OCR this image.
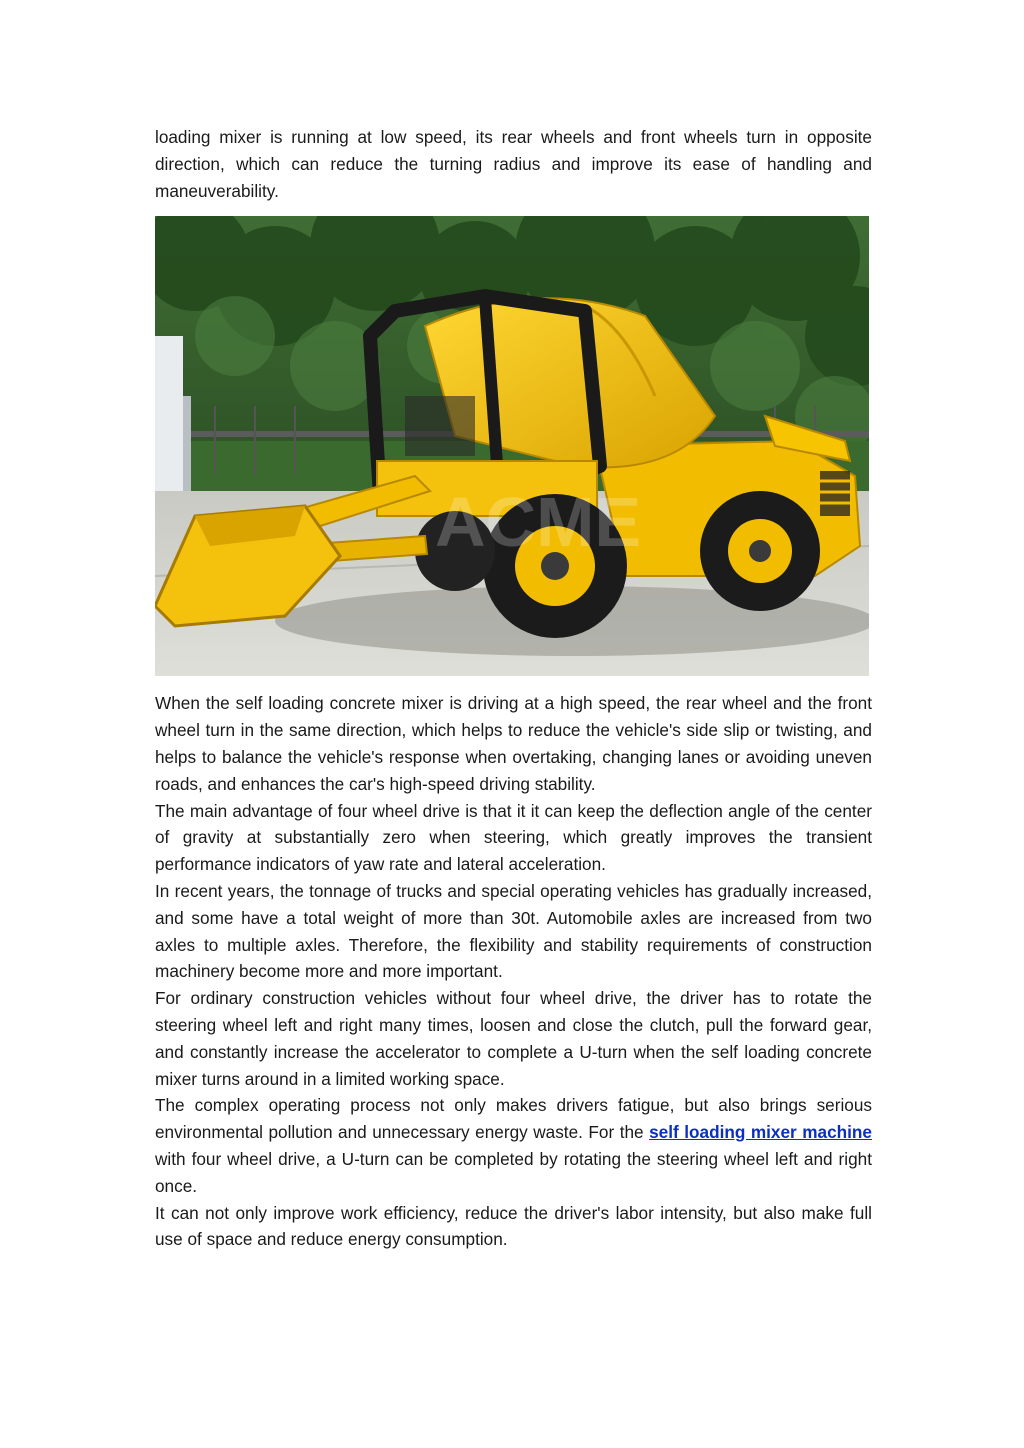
loading mixer is running at low speed, its rear wheels and front wheels turn in opposite direction, which can reduce the turning radius and improve its ease of handling and maneuverability.

ACME

When the self loading concrete mixer is driving at a high speed, the rear wheel and the front wheel turn in the same direction, which helps to reduce the vehicle's side slip or twisting, and helps to balance the vehicle's response when overtaking, changing lanes or avoiding uneven roads, and enhances the car's high-speed driving stability.

The main advantage of four wheel drive is that it it can keep the deflection angle of the center of gravity at substantially zero when steering, which greatly improves the transient performance indicators of yaw rate and lateral acceleration.

In recent years, the tonnage of trucks and special operating vehicles has gradually increased, and some have a total weight of more than 30t. Automobile axles are increased from two axles to multiple axles. Therefore, the flexibility and stability requirements of construction machinery become more and more important.

For ordinary construction vehicles without four wheel drive, the driver has to rotate the steering wheel left and right many times, loosen and close the clutch, pull the forward gear, and constantly increase the accelerator to complete a U-turn when the self loading concrete mixer turns around in a limited working space.

The complex operating process not only makes drivers fatigue, but also brings serious environmental pollution and unnecessary energy waste. For the self loading mixer machine with four wheel drive, a U-turn can be completed by rotating the steering wheel left and right once.

It can not only improve work efficiency, reduce the driver's labor intensity, but also make full use of space and reduce energy consumption.
